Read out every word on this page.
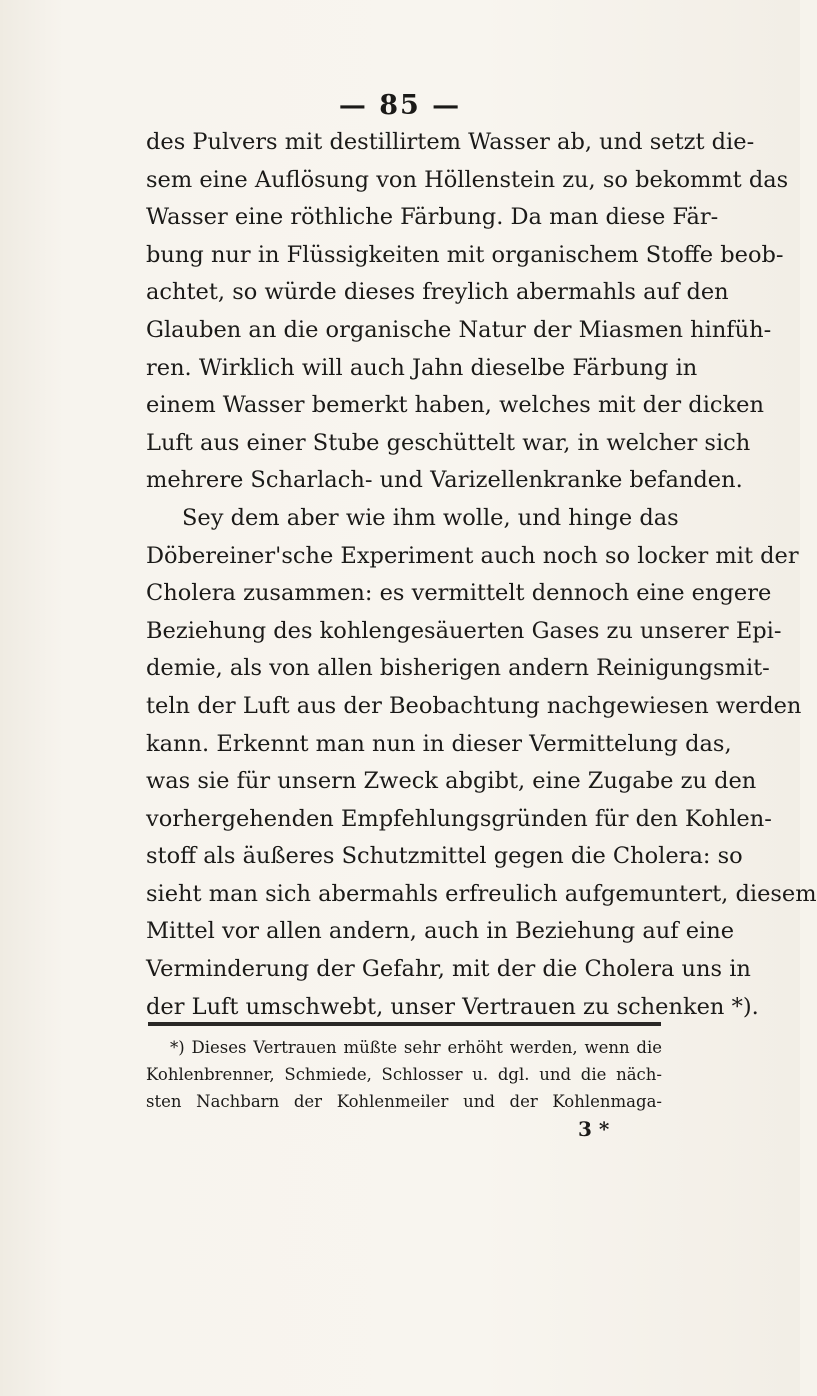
— 85 —
des Pulvers mit destillirtem Wasser ab, und setzt die-
sem eine Auflösung von Höllenstein zu, so bekommt das
Wasser eine röthliche Färbung. Da man diese Fär-
bung nur in Flüssigkeiten mit organischem Stoffe beob-
achtet, so würde dieses freylich abermahls auf den
Glauben an die organische Natur der Miasmen hinfüh-
ren. Wirklich will auch Jahn dieselbe Färbung in
einem Wasser bemerkt haben, welches mit der dicken
Luft aus einer Stube geschüttelt war, in welcher sich
mehrere Scharlach- und Varizellenkranke befanden.
Sey dem aber wie ihm wolle, und hinge das
Döbereiner'sche Experiment auch noch so locker mit der
Cholera zusammen: es vermittelt dennoch eine engere
Beziehung des kohlengesäuerten Gases zu unserer Epi-
demie, als von allen bisherigen andern Reinigungsmit-
teln der Luft aus der Beobachtung nachgewiesen werden
kann. Erkennt man nun in dieser Vermittelung das,
was sie für unsern Zweck abgibt, eine Zugabe zu den
vorhergehenden Empfehlungsgründen für den Kohlen-
stoff als äußeres Schutzmittel gegen die Cholera: so
sieht man sich abermahls erfreulich aufgemuntert, diesem
Mittel vor allen andern, auch in Beziehung auf eine
Verminderung der Gefahr, mit der die Cholera uns in
der Luft umschwebt, unser Vertrauen zu schenken *).
*) Dieses Vertrauen müßte sehr erhöht werden, wenn die
Kohlenbrenner, Schmiede, Schlosser u. dgl. und die näch-
sten Nachbarn der Kohlenmeiler und der Kohlenmaga-
3 *
